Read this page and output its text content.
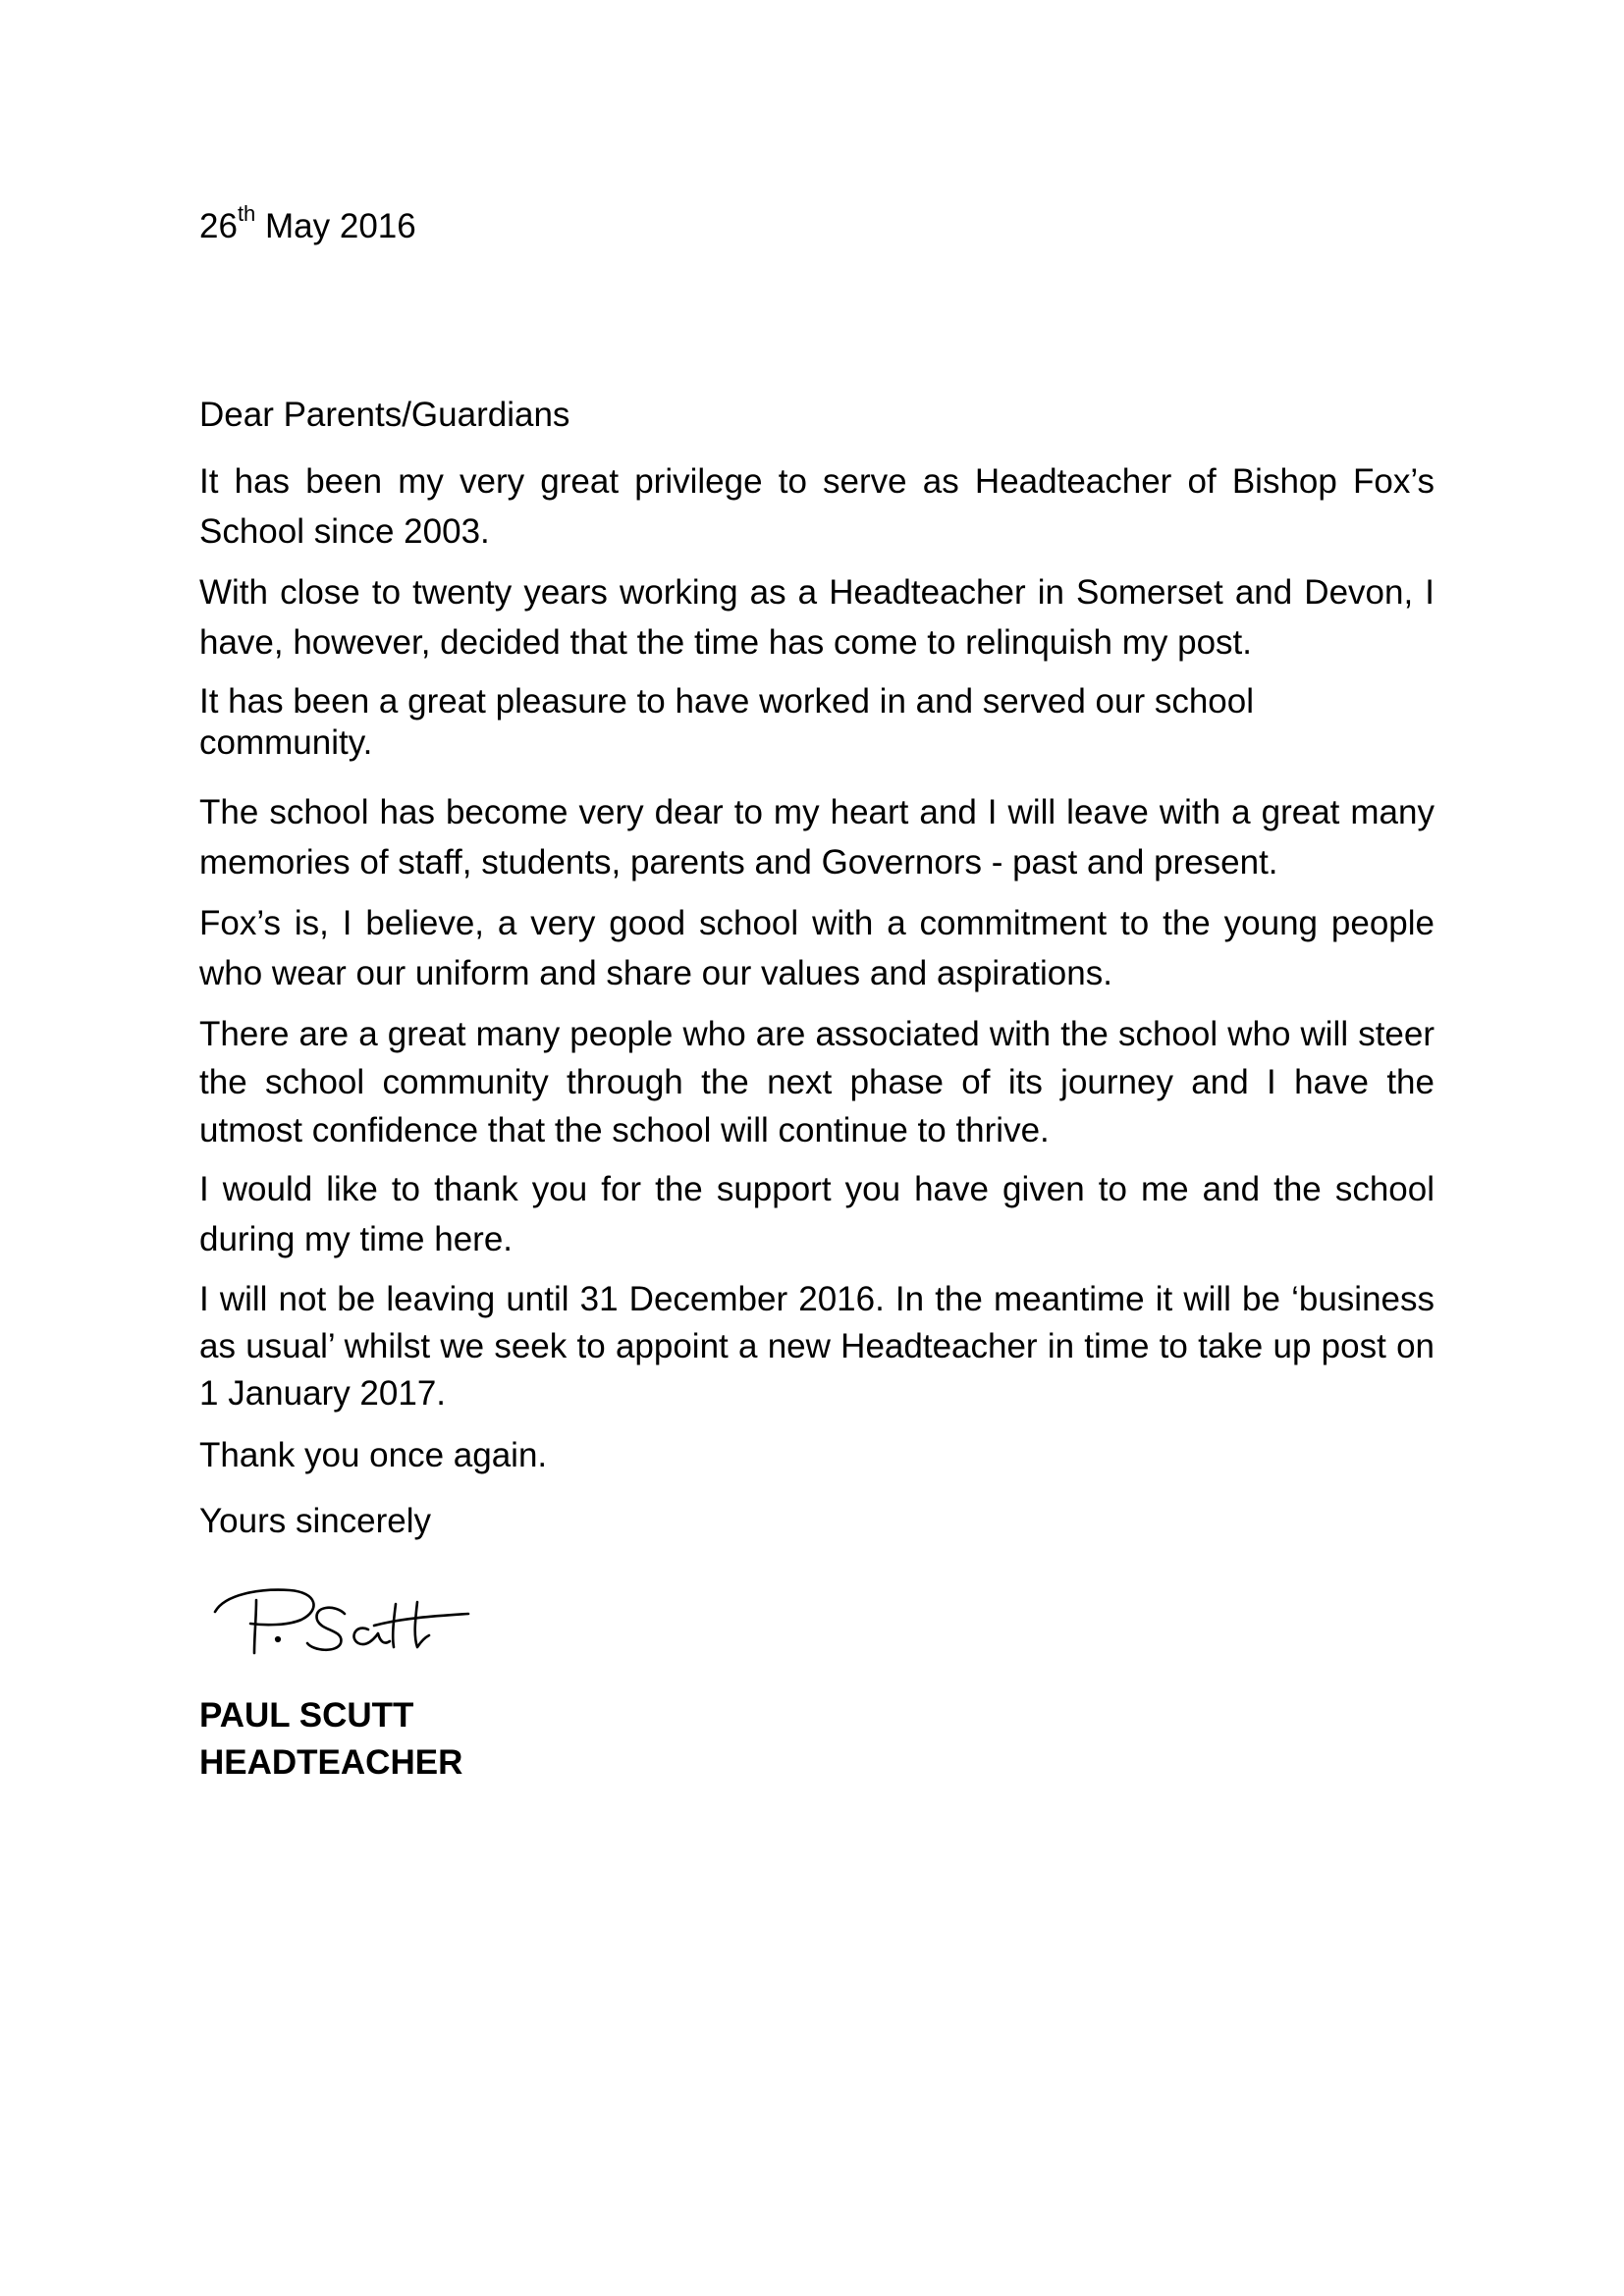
26th May 2016

Dear Parents/Guardians

It has been my very great privilege to serve as Headteacher of Bishop Fox’s School since 2003.

With close to twenty years working as a Headteacher in Somerset and Devon, I have, however, decided that the time has come to relinquish my post.

It has been a great pleasure to have worked in and served our school community.

The school has become very dear to my heart and I will leave with a great many memories of staff, students, parents and Governors - past and present.

Fox’s is, I believe, a very good school with a commitment to the young people who wear our uniform and share our values and aspirations.

There are a great many people who are associated with the school who will steer the school community through the next phase of its journey and I have the utmost confidence that the school will continue to thrive.

I would like to thank you for the support you have given to me and the school during my time here.

I will not be leaving until 31 December 2016. In the meantime it will be ‘business as usual’ whilst we seek to appoint a new Headteacher in time to take up post on 1 January 2017.

Thank you once again.

Yours sincerely

PAUL SCUTT
HEADTEACHER
